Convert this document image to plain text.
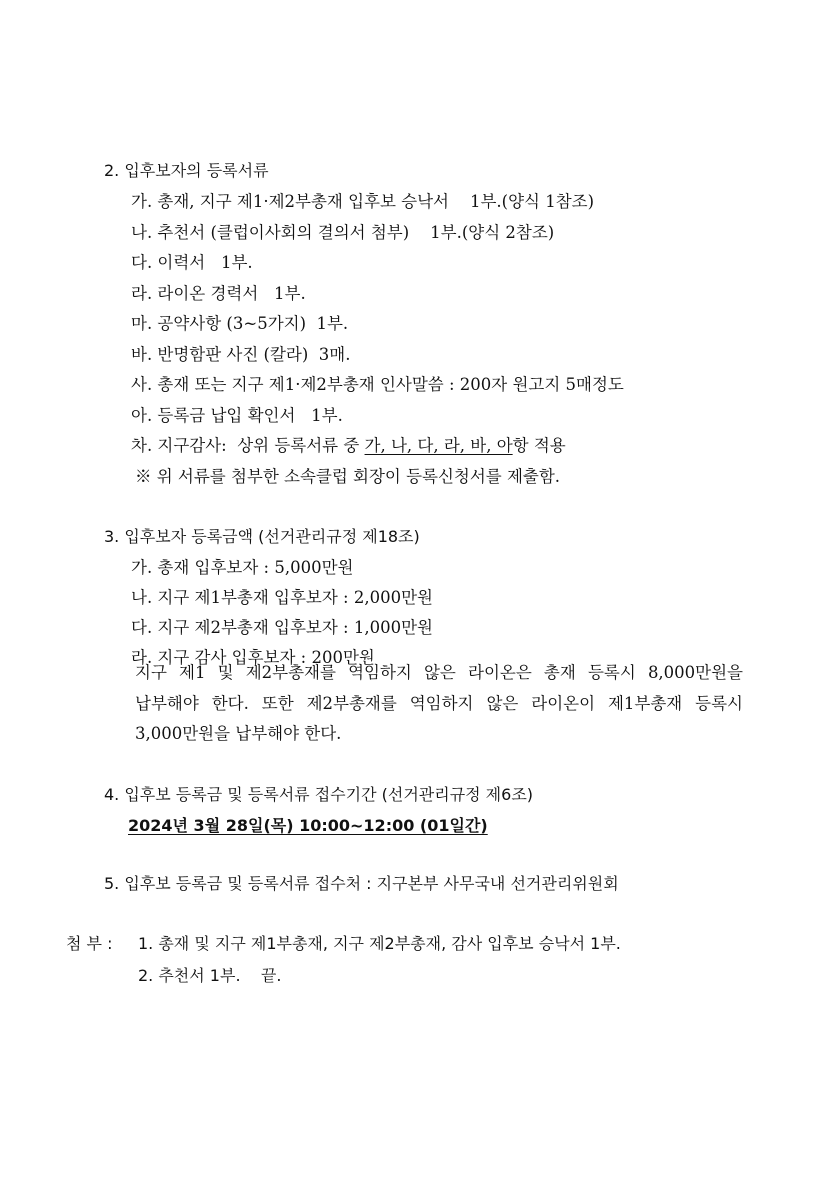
2. 입후보자의 등록서류
가. 총재, 지구 제1·제2부총재 입후보 승낙서    1부.(양식 1참조)
나. 추천서 (클럽이사회의 결의서 첨부)    1부.(양식 2참조)
다. 이력서   1부.
라. 라이온 경력서   1부.
마. 공약사항 (3~5가지)  1부.
바. 반명함판 사진 (칼라)  3매.
사. 총재 또는 지구 제1·제2부총재 인사말씀 : 200자 원고지 5매정도
아. 등록금 납입 확인서   1부.
차. 지구감사:  상위 등록서류 중 가, 나, 다, 라, 바, 아항 적용
※ 위 서류를 첨부한 소속클럽 회장이 등록신청서를 제출함.
3. 입후보자 등록금액 (선거관리규정 제18조)
가. 총재 입후보자 : 5,000만원
나. 지구 제1부총재 입후보자 : 2,000만원
다. 지구 제2부총재 입후보자 : 1,000만원
라. 지구 감사 입후보자 : 200만원
지구 제1 및 제2부총재를 역임하지 않은 라이온은 총재 등록시 8,000만원을
납부해야 한다. 또한 제2부총재를 역임하지 않은 라이온이 제1부총재 등록시
3,000만원을 납부해야 한다.
4. 입후보 등록금 및 등록서류 접수기간 (선거관리규정 제6조)
2024년 3월 28일(목) 10:00~12:00 (01일간)
5. 입후보 등록금 및 등록서류 접수처 : 지구본부 사무국내 선거관리위원회
첨 부 : 1. 총재 및 지구 제1부총재, 지구 제2부총재, 감사 입후보 승낙서 1부.
2. 추천서 1부.    끝.
